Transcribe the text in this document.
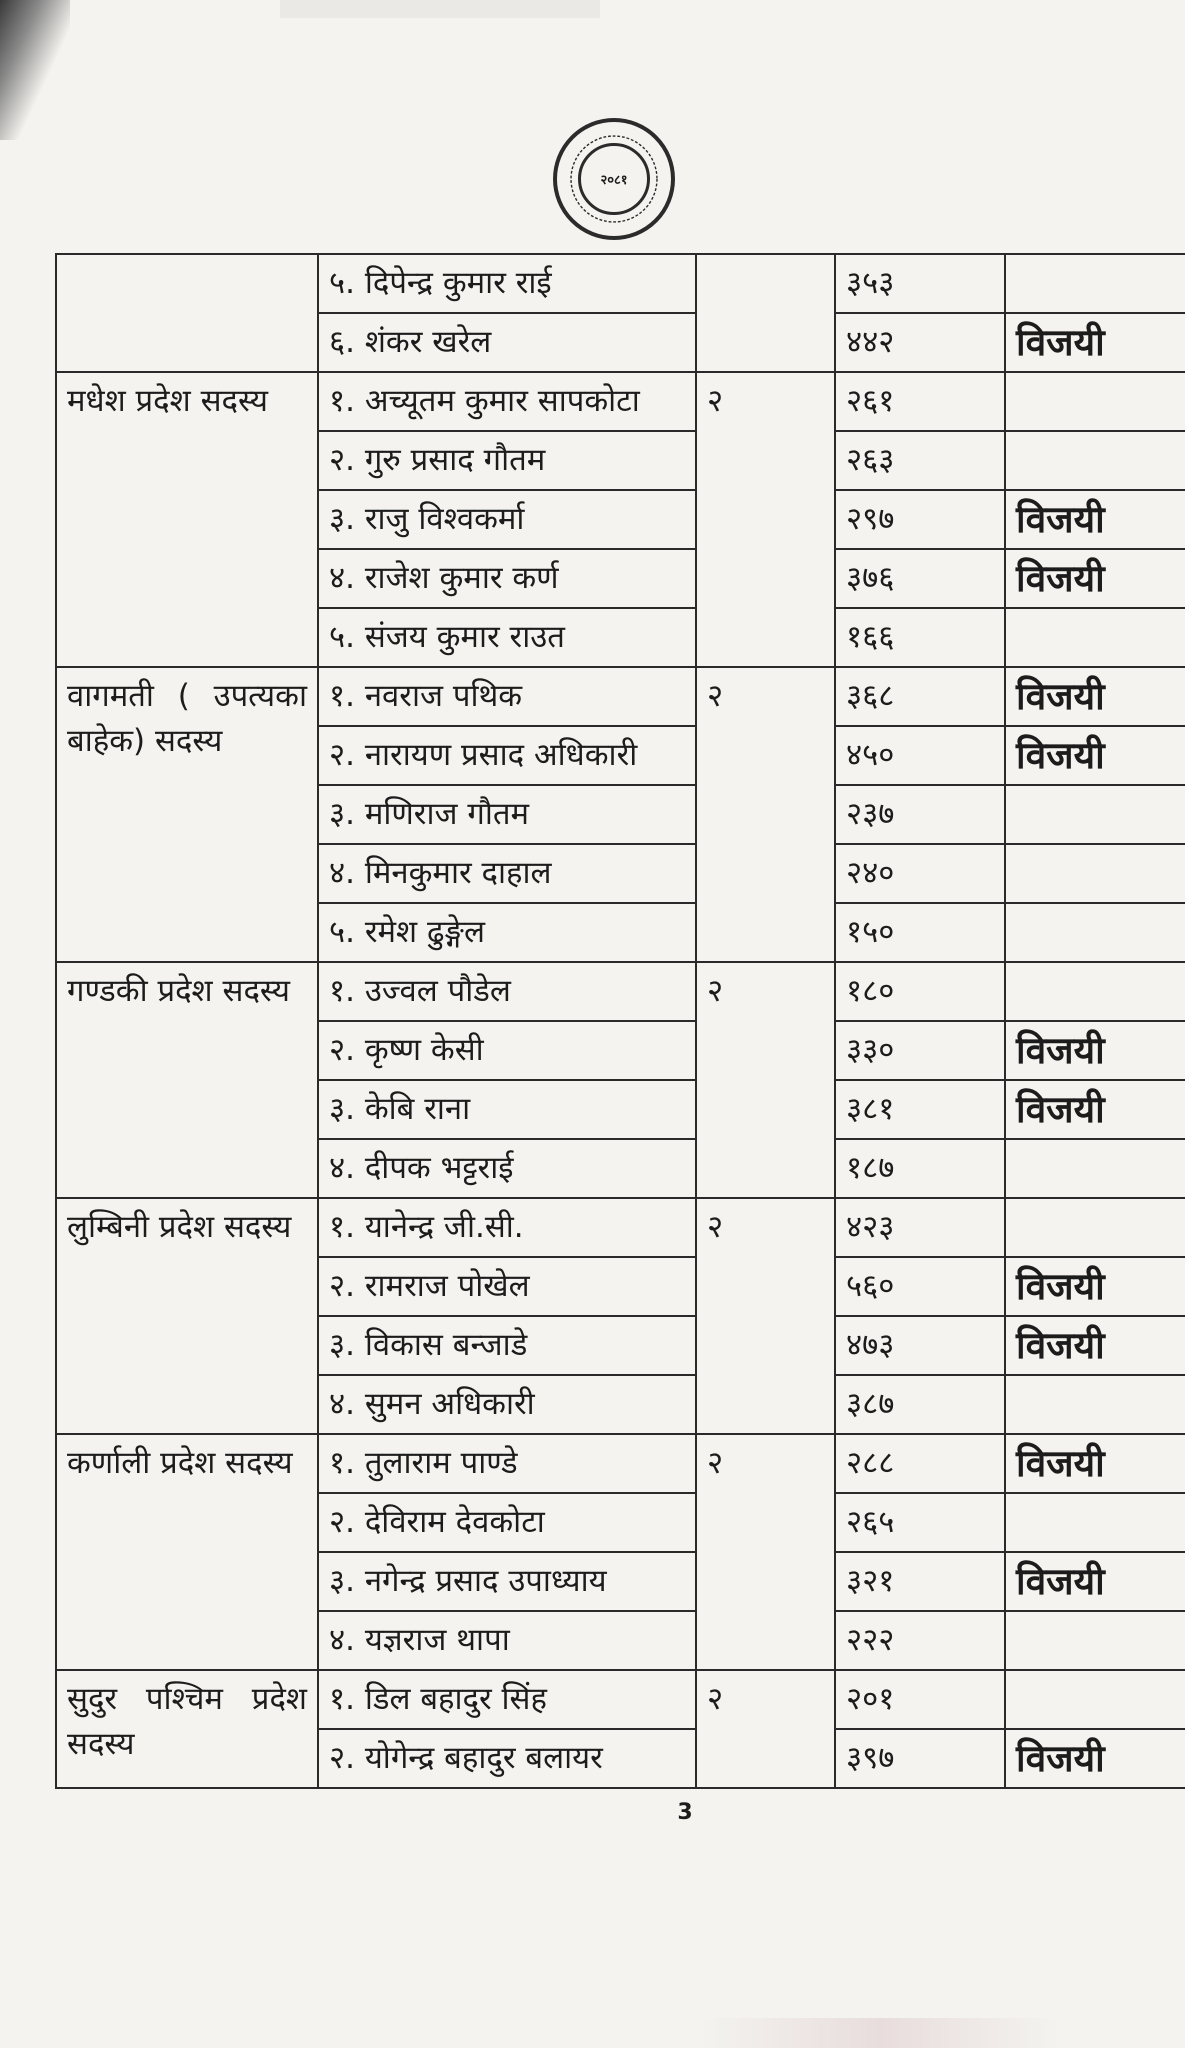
२०८१
	५. दिपेन्द्र कुमार राई		३५३	
	६. शंकर खरेल		४४२	विजयी
मधेश प्रदेश सदस्य	१. अच्यूतम कुमार सापकोटा	२	२६१	
	२. गुरु प्रसाद गौतम		२६३	
	३. राजु विश्वकर्मा		२९७	विजयी
	४. राजेश कुमार कर्ण		३७६	विजयी
	५. संजय कुमार राउत		१६६	
वागमती ( उपत्यका बाहेक) सदस्य	१. नवराज पथिक	२	३६८	विजयी
	२. नारायण प्रसाद अधिकारी		४५०	विजयी
	३. मणिराज गौतम		२३७	
	४. मिनकुमार दाहाल		२४०	
	५. रमेश ढुङ्गेल		१५०	
गण्डकी प्रदेश सदस्य	१. उज्वल पौडेल	२	१८०	
	२. कृष्ण केसी		३३०	विजयी
	३. केबि राना		३८१	विजयी
	४. दीपक भट्टराई		१८७	
लुम्बिनी प्रदेश सदस्य	१. यानेन्द्र जी.सी.	२	४२३	
	२. रामराज पोखेल		५६०	विजयी
	३. विकास बन्जाडे		४७३	विजयी
	४. सुमन अधिकारी		३८७	
कर्णाली प्रदेश सदस्य	१. तुलाराम पाण्डे	२	२८८	विजयी
	२. देविराम देवकोटा		२६५	
	३. नगेन्द्र प्रसाद उपाध्याय		३२१	विजयी
	४. यज्ञराज थापा		२२२	
सुदुर पश्चिम प्रदेश सदस्य	१. डिल बहादुर सिंह	२	२०१	
	२. योगेन्द्र बहादुर बलायर		३९७	विजयी
3
